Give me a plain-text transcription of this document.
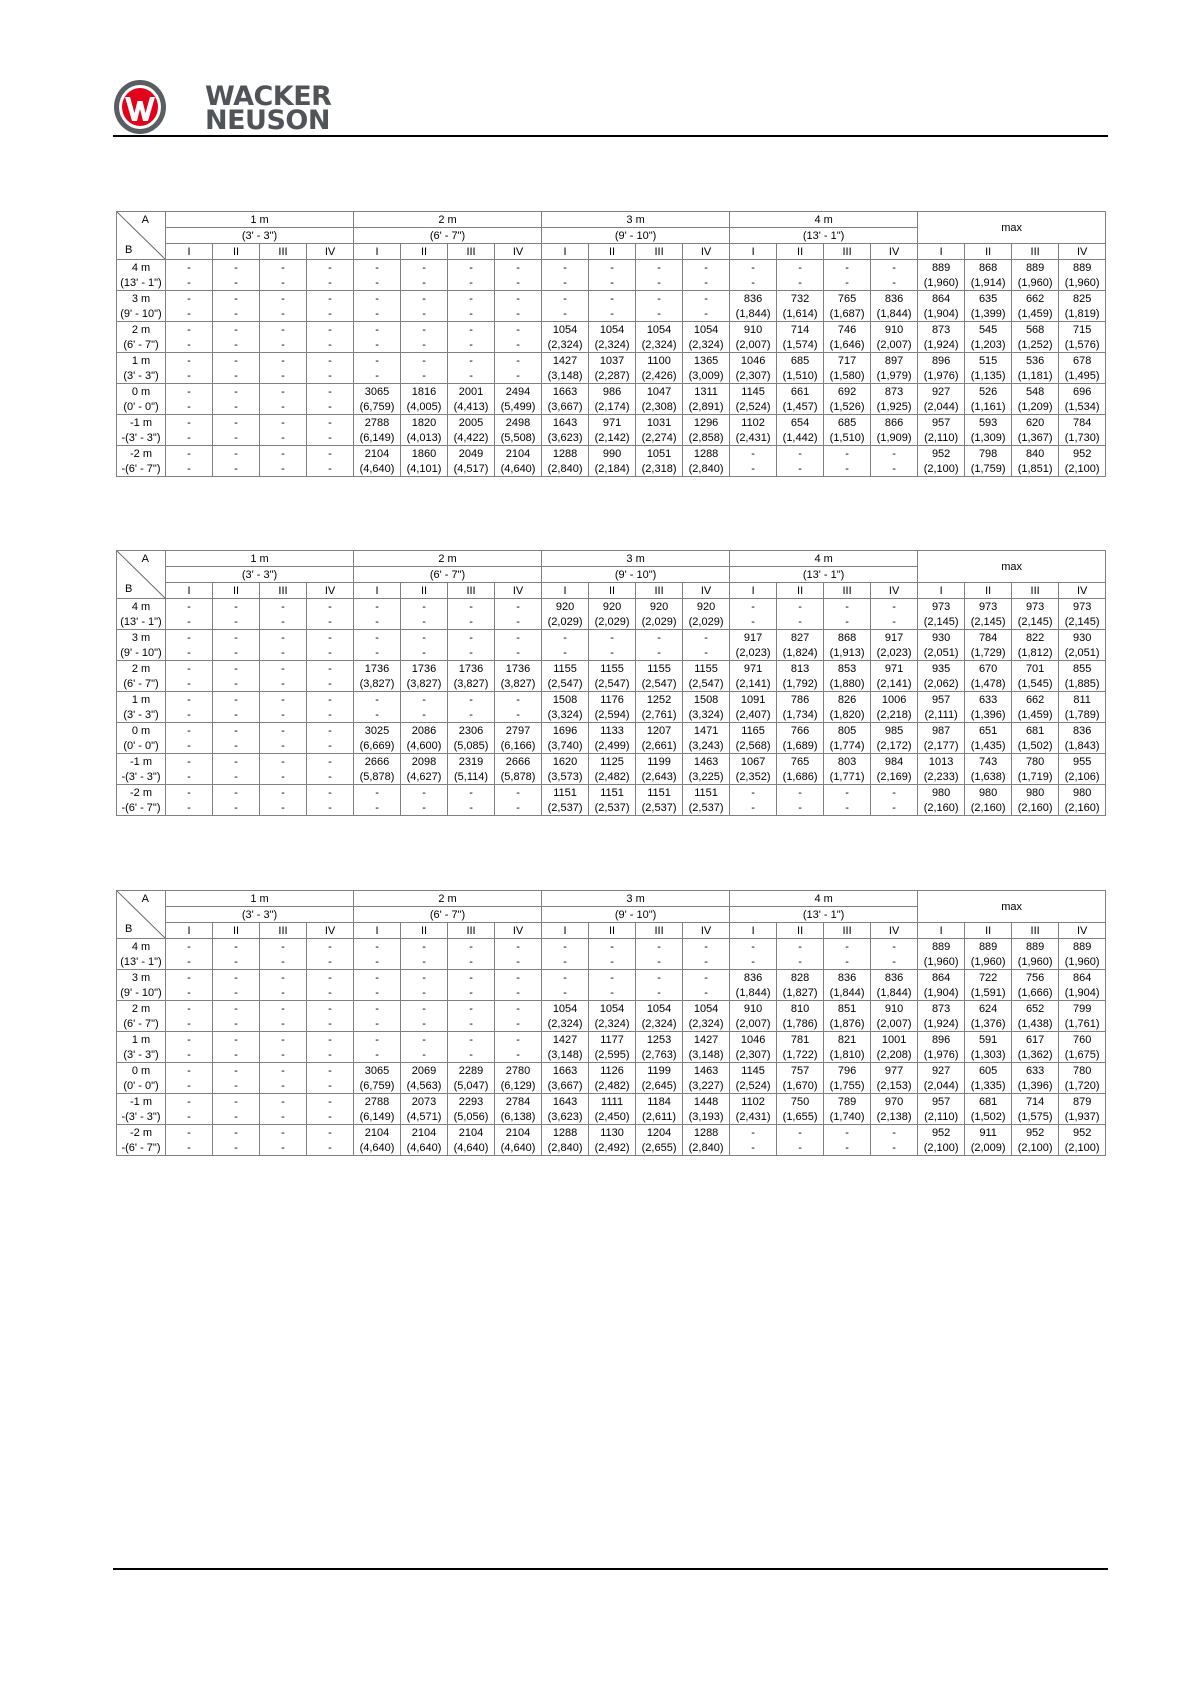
WACKER
NEUSON
A
B	1 m				2 m				3 m				4 m				max			
	(3' - 3")				(6' - 7")				(9' - 10")				(13' - 1")							
	I	II	III	IV	I	II	III	IV	I	II	III	IV	I	II	III	IV	I	II	III	IV
4 m	-	-	-	-	-	-	-	-	-	-	-	-	-	-	-	-	889	868	889	889
(13' - 1")	-	-	-	-	-	-	-	-	-	-	-	-	-	-	-	-	(1,960)	(1,914)	(1,960)	(1,960)
3 m	-	-	-	-	-	-	-	-	-	-	-	-	836	732	765	836	864	635	662	825
(9' - 10")	-	-	-	-	-	-	-	-	-	-	-	-	(1,844)	(1,614)	(1,687)	(1,844)	(1,904)	(1,399)	(1,459)	(1,819)
2 m	-	-	-	-	-	-	-	-	1054	1054	1054	1054	910	714	746	910	873	545	568	715
(6' - 7")	-	-	-	-	-	-	-	-	(2,324)	(2,324)	(2,324)	(2,324)	(2,007)	(1,574)	(1,646)	(2,007)	(1,924)	(1,203)	(1,252)	(1,576)
1 m	-	-	-	-	-	-	-	-	1427	1037	1100	1365	1046	685	717	897	896	515	536	678
(3' - 3")	-	-	-	-	-	-	-	-	(3,148)	(2,287)	(2,426)	(3,009)	(2,307)	(1,510)	(1,580)	(1,979)	(1,976)	(1,135)	(1,181)	(1,495)
0 m	-	-	-	-	3065	1816	2001	2494	1663	986	1047	1311	1145	661	692	873	927	526	548	696
(0' - 0")	-	-	-	-	(6,759)	(4,005)	(4,413)	(5,499)	(3,667)	(2,174)	(2,308)	(2,891)	(2,524)	(1,457)	(1,526)	(1,925)	(2,044)	(1,161)	(1,209)	(1,534)
-1 m	-	-	-	-	2788	1820	2005	2498	1643	971	1031	1296	1102	654	685	866	957	593	620	784
-(3' - 3")	-	-	-	-	(6,149)	(4,013)	(4,422)	(5,508)	(3,623)	(2,142)	(2,274)	(2,858)	(2,431)	(1,442)	(1,510)	(1,909)	(2,110)	(1,309)	(1,367)	(1,730)
-2 m	-	-	-	-	2104	1860	2049	2104	1288	990	1051	1288	-	-	-	-	952	798	840	952
-(6' - 7")	-	-	-	-	(4,640)	(4,101)	(4,517)	(4,640)	(2,840)	(2,184)	(2,318)	(2,840)	-	-	-	-	(2,100)	(1,759)	(1,851)	(2,100)
A
B	1 m				2 m				3 m				4 m				max			
	(3' - 3")				(6' - 7")				(9' - 10")				(13' - 1")							
	I	II	III	IV	I	II	III	IV	I	II	III	IV	I	II	III	IV	I	II	III	IV
4 m	-	-	-	-	-	-	-	-	920	920	920	920	-	-	-	-	973	973	973	973
(13' - 1")	-	-	-	-	-	-	-	-	(2,029)	(2,029)	(2,029)	(2,029)	-	-	-	-	(2,145)	(2,145)	(2,145)	(2,145)
3 m	-	-	-	-	-	-	-	-	-	-	-	-	917	827	868	917	930	784	822	930
(9' - 10")	-	-	-	-	-	-	-	-	-	-	-	-	(2,023)	(1,824)	(1,913)	(2,023)	(2,051)	(1,729)	(1,812)	(2,051)
2 m	-	-	-	-	1736	1736	1736	1736	1155	1155	1155	1155	971	813	853	971	935	670	701	855
(6' - 7")	-	-	-	-	(3,827)	(3,827)	(3,827)	(3,827)	(2,547)	(2,547)	(2,547)	(2,547)	(2,141)	(1,792)	(1,880)	(2,141)	(2,062)	(1,478)	(1,545)	(1,885)
1 m	-	-	-	-	-	-	-	-	1508	1176	1252	1508	1091	786	826	1006	957	633	662	811
(3' - 3")	-	-	-	-	-	-	-	-	(3,324)	(2,594)	(2,761)	(3,324)	(2,407)	(1,734)	(1,820)	(2,218)	(2,111)	(1,396)	(1,459)	(1,789)
0 m	-	-	-	-	3025	2086	2306	2797	1696	1133	1207	1471	1165	766	805	985	987	651	681	836
(0' - 0")	-	-	-	-	(6,669)	(4,600)	(5,085)	(6,166)	(3,740)	(2,499)	(2,661)	(3,243)	(2,568)	(1,689)	(1,774)	(2,172)	(2,177)	(1,435)	(1,502)	(1,843)
-1 m	-	-	-	-	2666	2098	2319	2666	1620	1125	1199	1463	1067	765	803	984	1013	743	780	955
-(3' - 3")	-	-	-	-	(5,878)	(4,627)	(5,114)	(5,878)	(3,573)	(2,482)	(2,643)	(3,225)	(2,352)	(1,686)	(1,771)	(2,169)	(2,233)	(1,638)	(1,719)	(2,106)
-2 m	-	-	-	-	-	-	-	-	1151	1151	1151	1151	-	-	-	-	980	980	980	980
-(6' - 7")	-	-	-	-	-	-	-	-	(2,537)	(2,537)	(2,537)	(2,537)	-	-	-	-	(2,160)	(2,160)	(2,160)	(2,160)
A
B	1 m				2 m				3 m				4 m				max			
	(3' - 3")				(6' - 7")				(9' - 10")				(13' - 1")							
	I	II	III	IV	I	II	III	IV	I	II	III	IV	I	II	III	IV	I	II	III	IV
4 m	-	-	-	-	-	-	-	-	-	-	-	-	-	-	-	-	889	889	889	889
(13' - 1")	-	-	-	-	-	-	-	-	-	-	-	-	-	-	-	-	(1,960)	(1,960)	(1,960)	(1,960)
3 m	-	-	-	-	-	-	-	-	-	-	-	-	836	828	836	836	864	722	756	864
(9' - 10")	-	-	-	-	-	-	-	-	-	-	-	-	(1,844)	(1,827)	(1,844)	(1,844)	(1,904)	(1,591)	(1,666)	(1,904)
2 m	-	-	-	-	-	-	-	-	1054	1054	1054	1054	910	810	851	910	873	624	652	799
(6' - 7")	-	-	-	-	-	-	-	-	(2,324)	(2,324)	(2,324)	(2,324)	(2,007)	(1,786)	(1,876)	(2,007)	(1,924)	(1,376)	(1,438)	(1,761)
1 m	-	-	-	-	-	-	-	-	1427	1177	1253	1427	1046	781	821	1001	896	591	617	760
(3' - 3")	-	-	-	-	-	-	-	-	(3,148)	(2,595)	(2,763)	(3,148)	(2,307)	(1,722)	(1,810)	(2,208)	(1,976)	(1,303)	(1,362)	(1,675)
0 m	-	-	-	-	3065	2069	2289	2780	1663	1126	1199	1463	1145	757	796	977	927	605	633	780
(0' - 0")	-	-	-	-	(6,759)	(4,563)	(5,047)	(6,129)	(3,667)	(2,482)	(2,645)	(3,227)	(2,524)	(1,670)	(1,755)	(2,153)	(2,044)	(1,335)	(1,396)	(1,720)
-1 m	-	-	-	-	2788	2073	2293	2784	1643	1111	1184	1448	1102	750	789	970	957	681	714	879
-(3' - 3")	-	-	-	-	(6,149)	(4,571)	(5,056)	(6,138)	(3,623)	(2,450)	(2,611)	(3,193)	(2,431)	(1,655)	(1,740)	(2,138)	(2,110)	(1,502)	(1,575)	(1,937)
-2 m	-	-	-	-	2104	2104	2104	2104	1288	1130	1204	1288	-	-	-	-	952	911	952	952
-(6' - 7")	-	-	-	-	(4,640)	(4,640)	(4,640)	(4,640)	(2,840)	(2,492)	(2,655)	(2,840)	-	-	-	-	(2,100)	(2,009)	(2,100)	(2,100)
